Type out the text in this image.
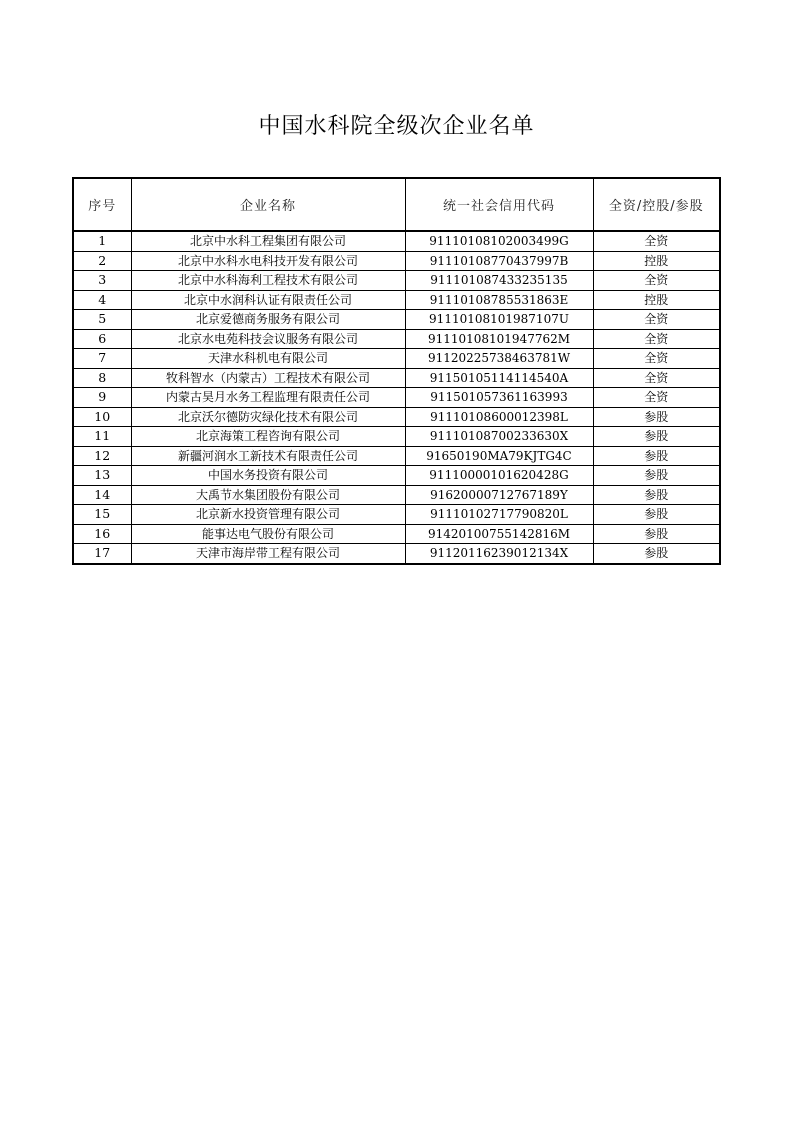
中国水科院全级次企业名单
序号	企业名称	统一社会信用代码	全资/控股/参股
1	北京中水科工程集团有限公司	91110108102003499G	全资
2	北京中水科水电科技开发有限公司	91110108770437997B	控股
3	北京中水科海利工程技术有限公司	911101087433235135	全资
4	北京中水润科认证有限责任公司	91110108785531863E	控股
5	北京爱德商务服务有限公司	91110108101987107U	全资
6	北京水电苑科技会议服务有限公司	91110108101947762M	全资
7	天津水科机电有限公司	91120225738463781W	全资
8	牧科智水（内蒙古）工程技术有限公司	91150105114114540A	全资
9	内蒙古昊月水务工程监理有限责任公司	911501057361163993	全资
10	北京沃尔德防灾绿化技术有限公司	91110108600012398L	参股
11	北京海策工程咨询有限公司	91110108700233630X	参股
12	新疆河润水工新技术有限责任公司	91650190MA79KJTG4C	参股
13	中国水务投资有限公司	91110000101620428G	参股
14	大禹节水集团股份有限公司	91620000712767189Y	参股
15	北京新水投资管理有限公司	91110102717790820L	参股
16	能事达电气股份有限公司	91420100755142816M	参股
17	天津市海岸带工程有限公司	91120116239012134X	参股
